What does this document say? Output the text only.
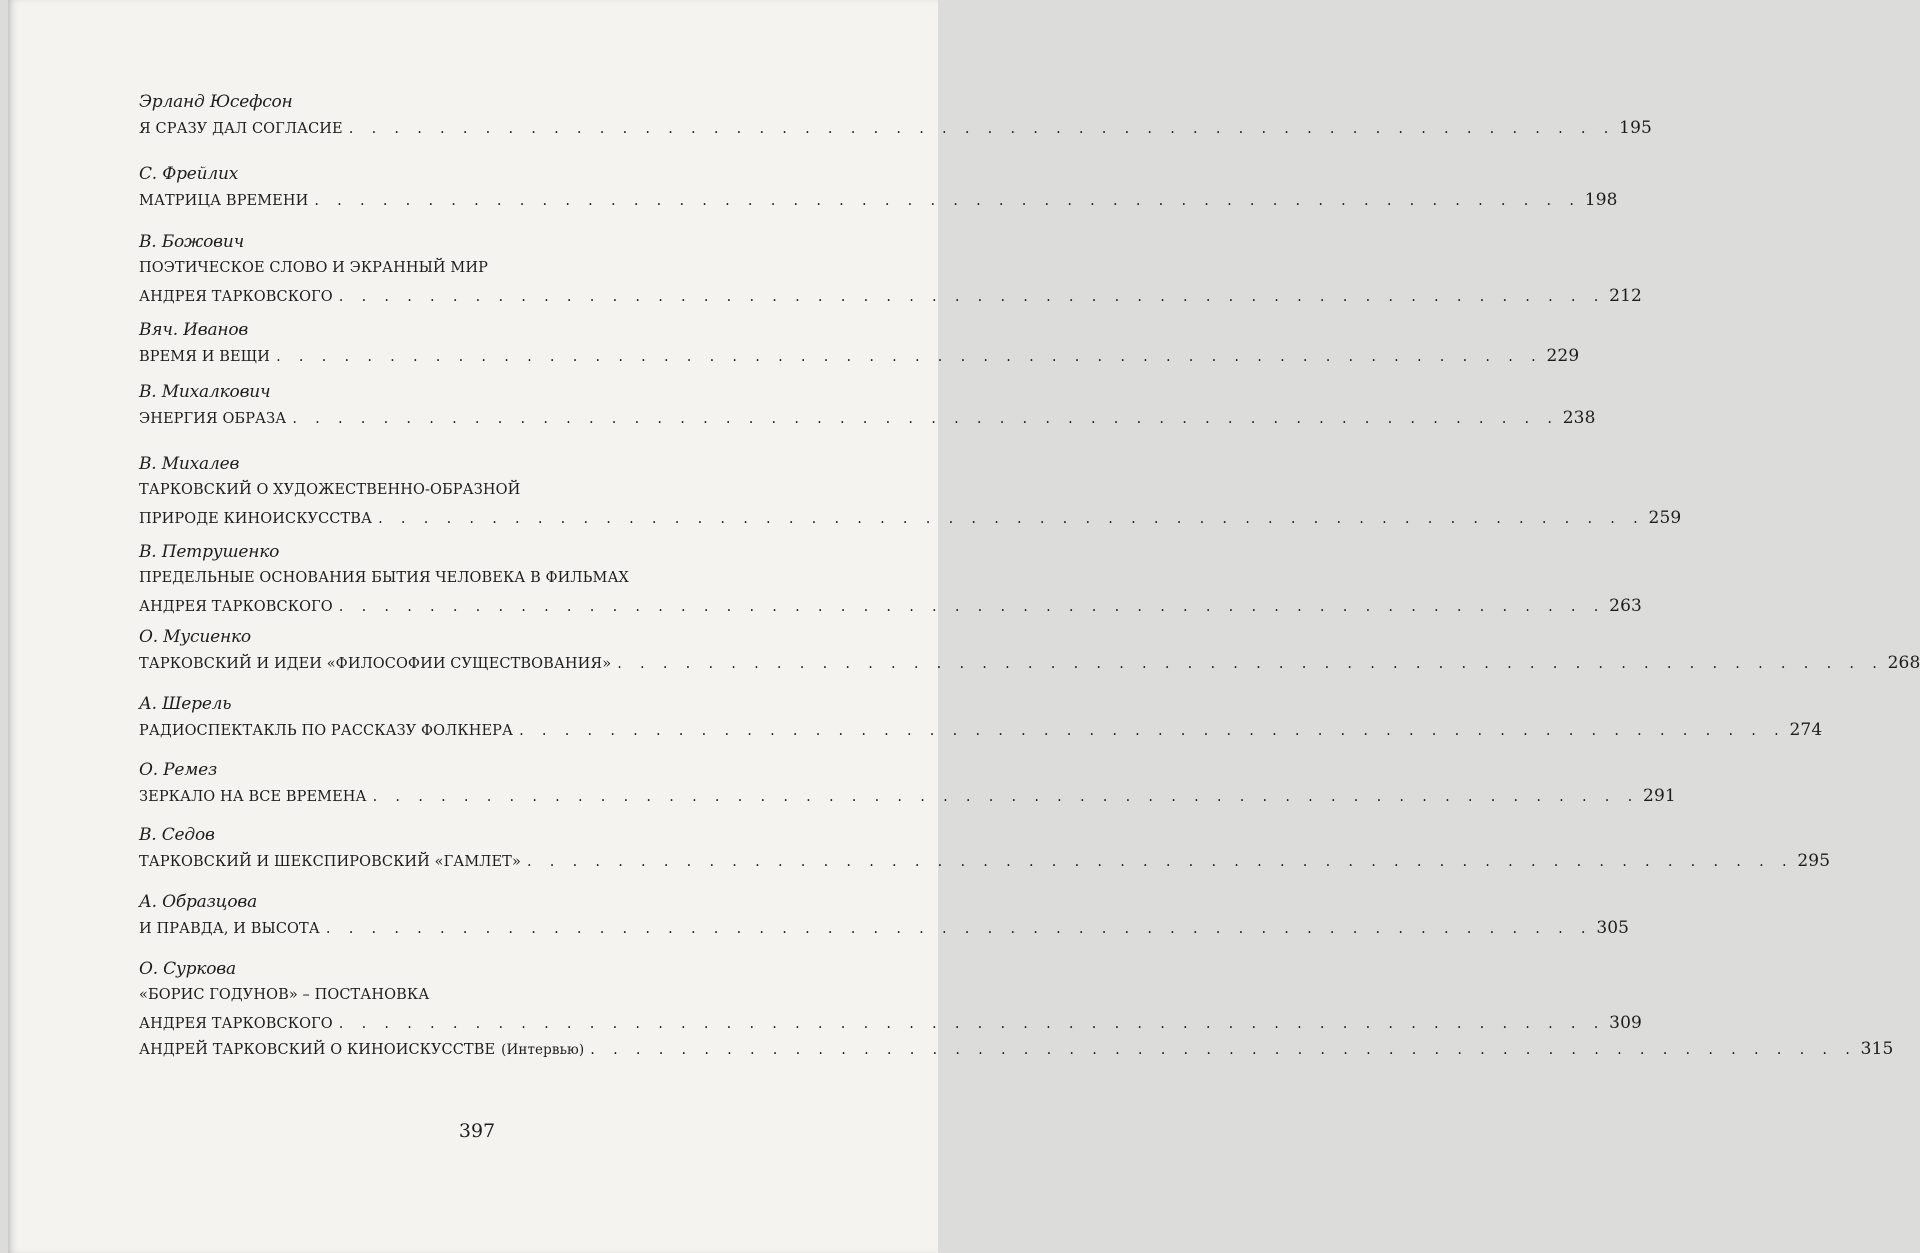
Эрланд Юсефсон
Я СРАЗУ ДАЛ СОГЛАСИЕ . . . . . . . . . . . . . . . . . . . . . . . . . . . . . . . . . . . . . . . . . . . . . . . . . . . . . . . . 195
С. Фрейлих
МАТРИЦА ВРЕМЕНИ . . . . . . . . . . . . . . . . . . . . . . . . . . . . . . . . . . . . . . . . . . . . . . . . . . . . . . . . 198
В. Божович
ПОЭТИЧЕСКОЕ СЛОВО И ЭКРАННЫЙ МИР
АНДРЕЯ ТАРКОВСКОГО . . . . . . . . . . . . . . . . . . . . . . . . . . . . . . . . . . . . . . . . . . . . . . . . . . . . . . . . 212
Вяч. Иванов
ВРЕМЯ И ВЕЩИ . . . . . . . . . . . . . . . . . . . . . . . . . . . . . . . . . . . . . . . . . . . . . . . . . . . . . . . . 229
В. Михалкович
ЭНЕРГИЯ ОБРАЗА . . . . . . . . . . . . . . . . . . . . . . . . . . . . . . . . . . . . . . . . . . . . . . . . . . . . . . . . 238
В. Михалев
ТАРКОВСКИЙ О ХУДОЖЕСТВЕННО-ОБРАЗНОЙ
ПРИРОДЕ КИНОИСКУССТВА . . . . . . . . . . . . . . . . . . . . . . . . . . . . . . . . . . . . . . . . . . . . . . . . . . . . . . . . 259
В. Петрушенко
ПРЕДЕЛЬНЫЕ ОСНОВАНИЯ БЫТИЯ ЧЕЛОВЕКА В ФИЛЬМАХ
АНДРЕЯ ТАРКОВСКОГО . . . . . . . . . . . . . . . . . . . . . . . . . . . . . . . . . . . . . . . . . . . . . . . . . . . . . . . . 263
О. Мусиенко
ТАРКОВСКИЙ И ИДЕИ «ФИЛОСОФИИ СУЩЕСТВОВАНИЯ» . . . . . . . . . . . . . . . . . . . . . . . . . . . . . . . . . . . . . . . . . . . . . . . . . . . . . . . . 268
А. Шерель
РАДИОСПЕКТАКЛЬ ПО РАССКАЗУ ФОЛКНЕРА . . . . . . . . . . . . . . . . . . . . . . . . . . . . . . . . . . . . . . . . . . . . . . . . . . . . . . . . 274
О. Ремез
ЗЕРКАЛО НА ВСЕ ВРЕМЕНА . . . . . . . . . . . . . . . . . . . . . . . . . . . . . . . . . . . . . . . . . . . . . . . . . . . . . . . . 291
В. Седов
ТАРКОВСКИЙ И ШЕКСПИРОВСКИЙ «ГАМЛЕТ» . . . . . . . . . . . . . . . . . . . . . . . . . . . . . . . . . . . . . . . . . . . . . . . . . . . . . . . . 295
А. Образцова
И ПРАВДА, И ВЫСОТА . . . . . . . . . . . . . . . . . . . . . . . . . . . . . . . . . . . . . . . . . . . . . . . . . . . . . . . . 305
О. Суркова
«БОРИС ГОДУНОВ» – ПОСТАНОВКА
АНДРЕЯ ТАРКОВСКОГО . . . . . . . . . . . . . . . . . . . . . . . . . . . . . . . . . . . . . . . . . . . . . . . . . . . . . . . . 309
АНДРЕЙ ТАРКОВСКИЙ О КИНОИСКУССТВЕ (Интервью) . . . . . . . . . . . . . . . . . . . . . . . . . . . . . . . . . . . . . . . . . . . . . . . . . . . . . . . . 315
397
